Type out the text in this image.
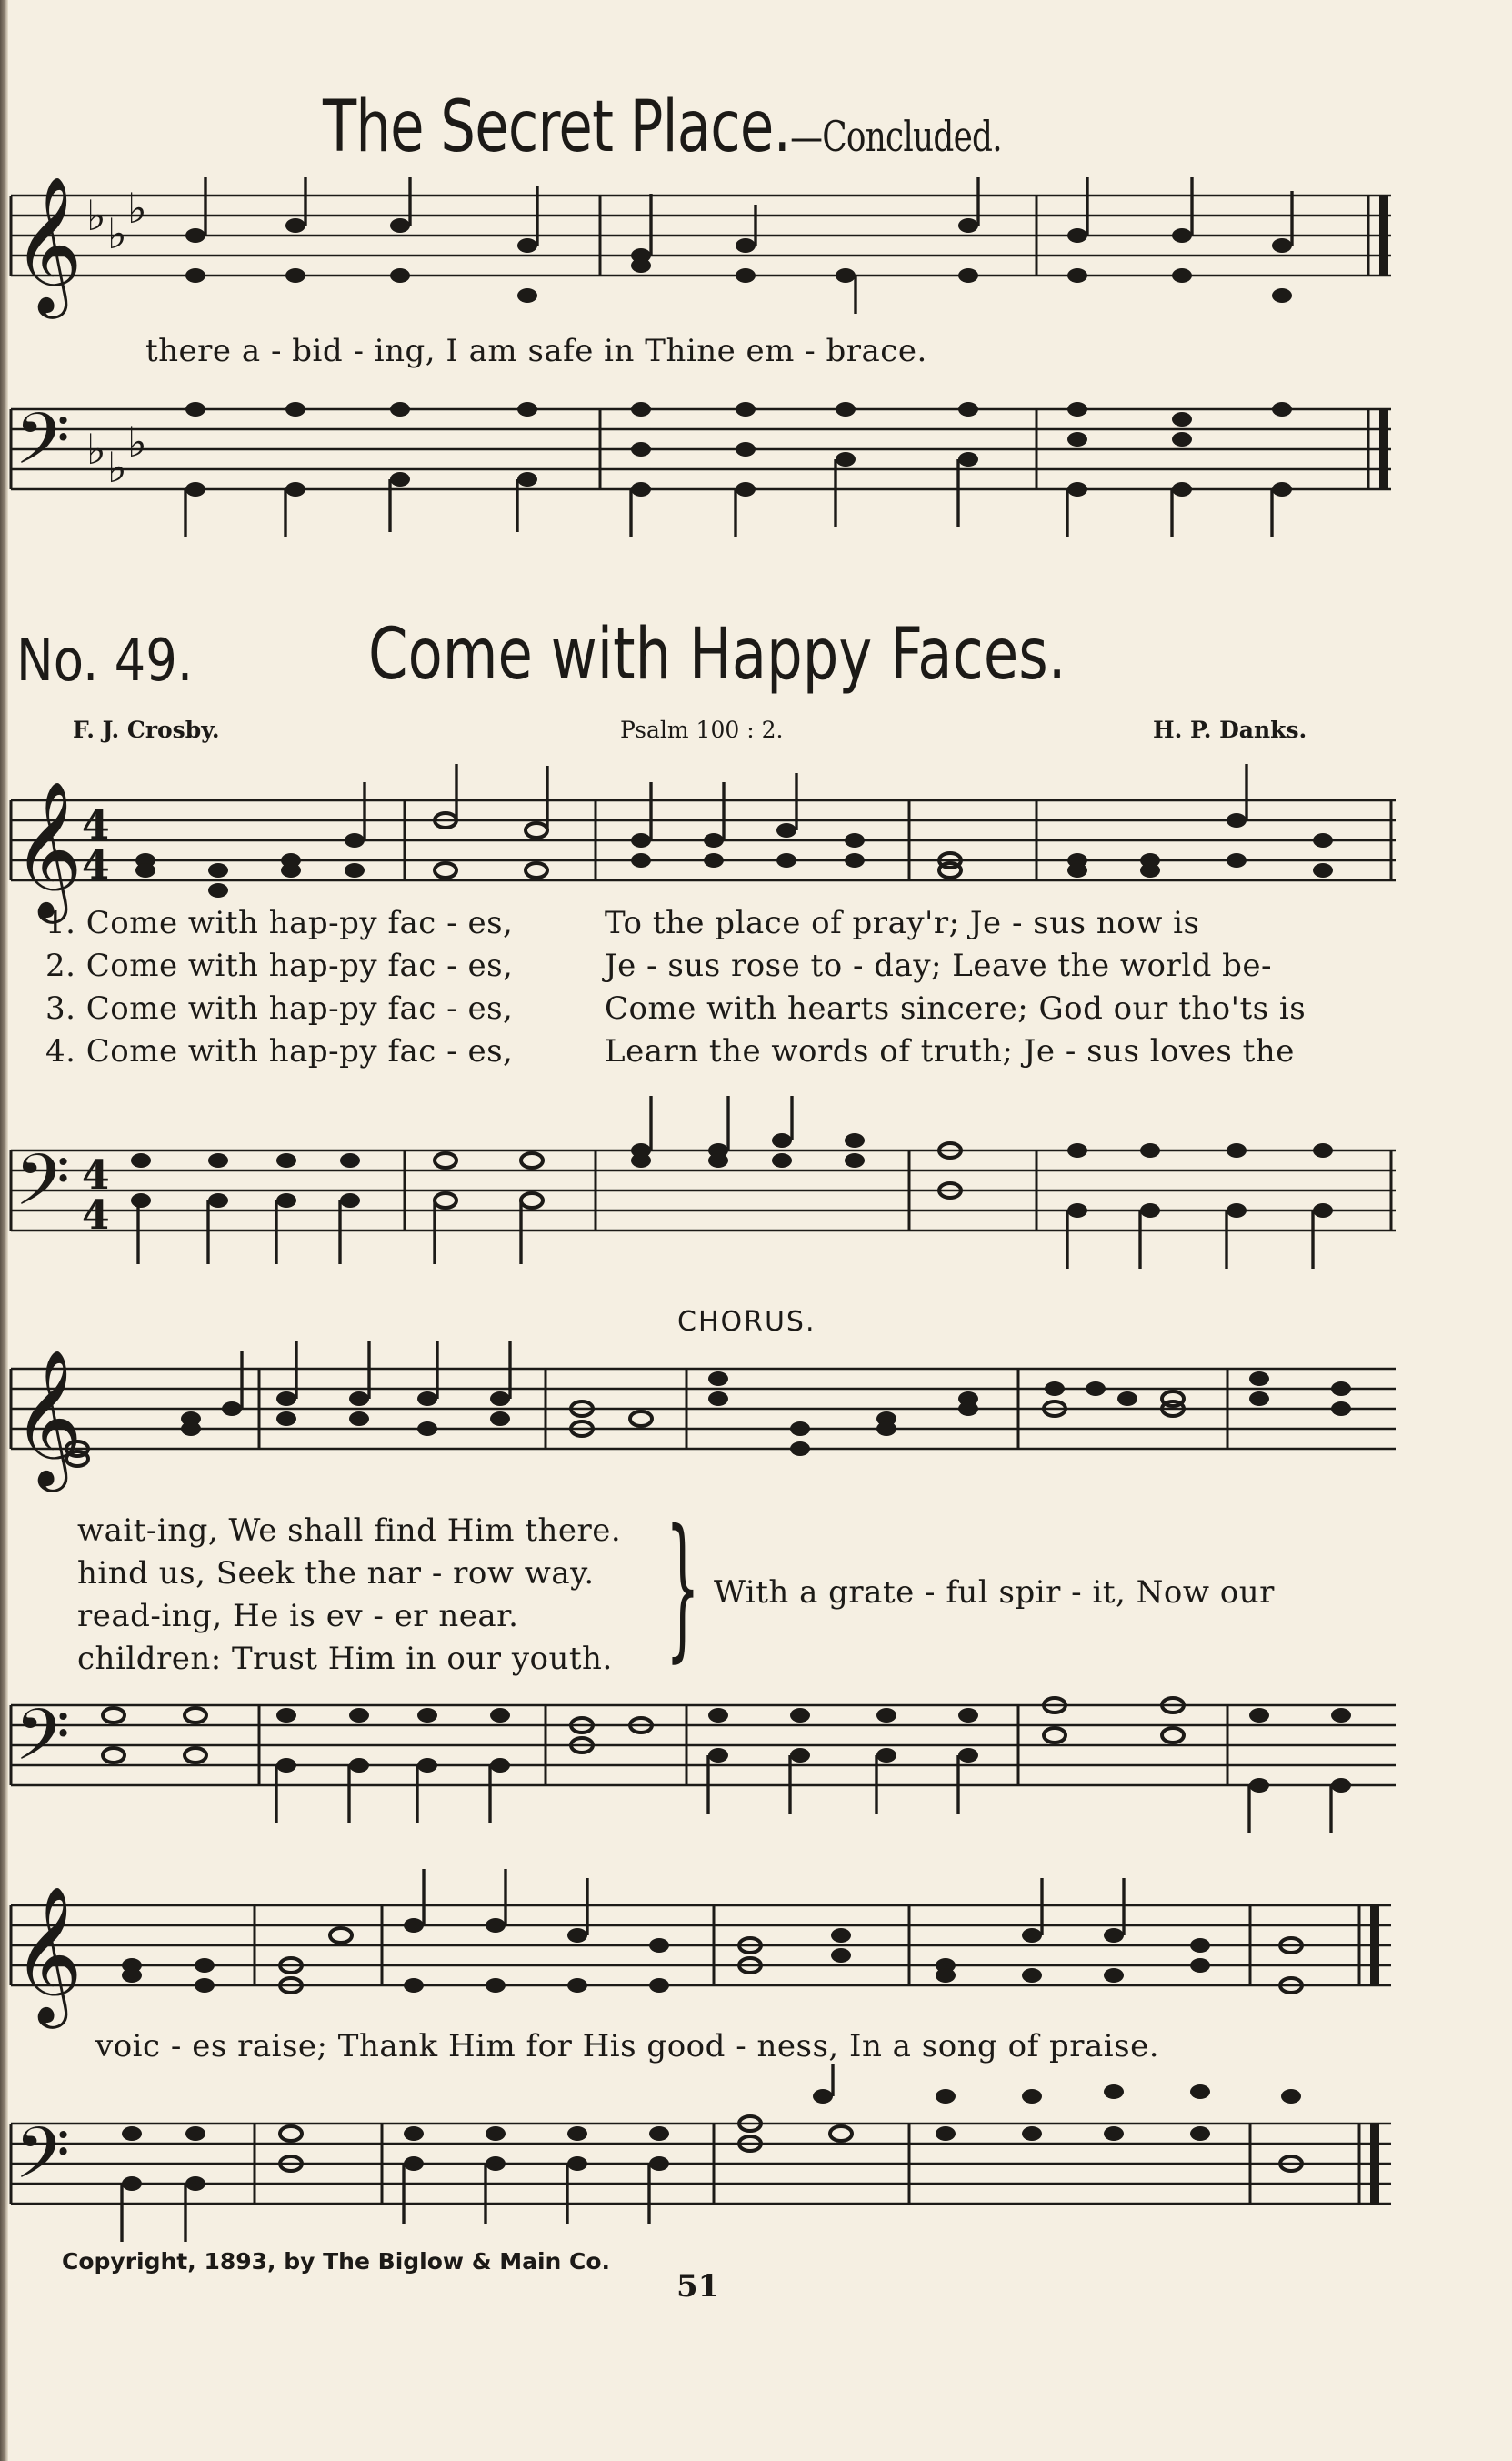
The Secret Place.—Concluded.
𝄞 ♭ ♭
♭
there a - bid - ing, I am safe in Thine em - brace.
𝄢 ♭ ♭
♭
No. 49. Come with Happy Faces.
F. J. Crosby.	Psalm 100 : 2.	H. P. Danks.
𝄞 4
4
1. Come with hap-py fac - es,	To the place of pray'r; Je - sus now is
2. Come with hap-py fac - es,	Je - sus rose to - day; Leave the world be-
3. Come with hap-py fac - es,	Come with hearts sincere; God our tho'ts is
4. Come with hap-py fac - es,	Learn the words of truth; Je - sus loves the
𝄢 4
4
CHORUS.
𝄞
wait-ing, We shall find Him there.
hind us, Seek the nar - row way.
read-ing, He is ev - er near.
children: Trust Him in our youth. } With a grate - ful spir - it, Now our
𝄢
𝄞
voic - es raise; Thank Him for His good - ness, In a song of praise.
𝄢
Copyright, 1893, by The Biglow & Main Co.
51
